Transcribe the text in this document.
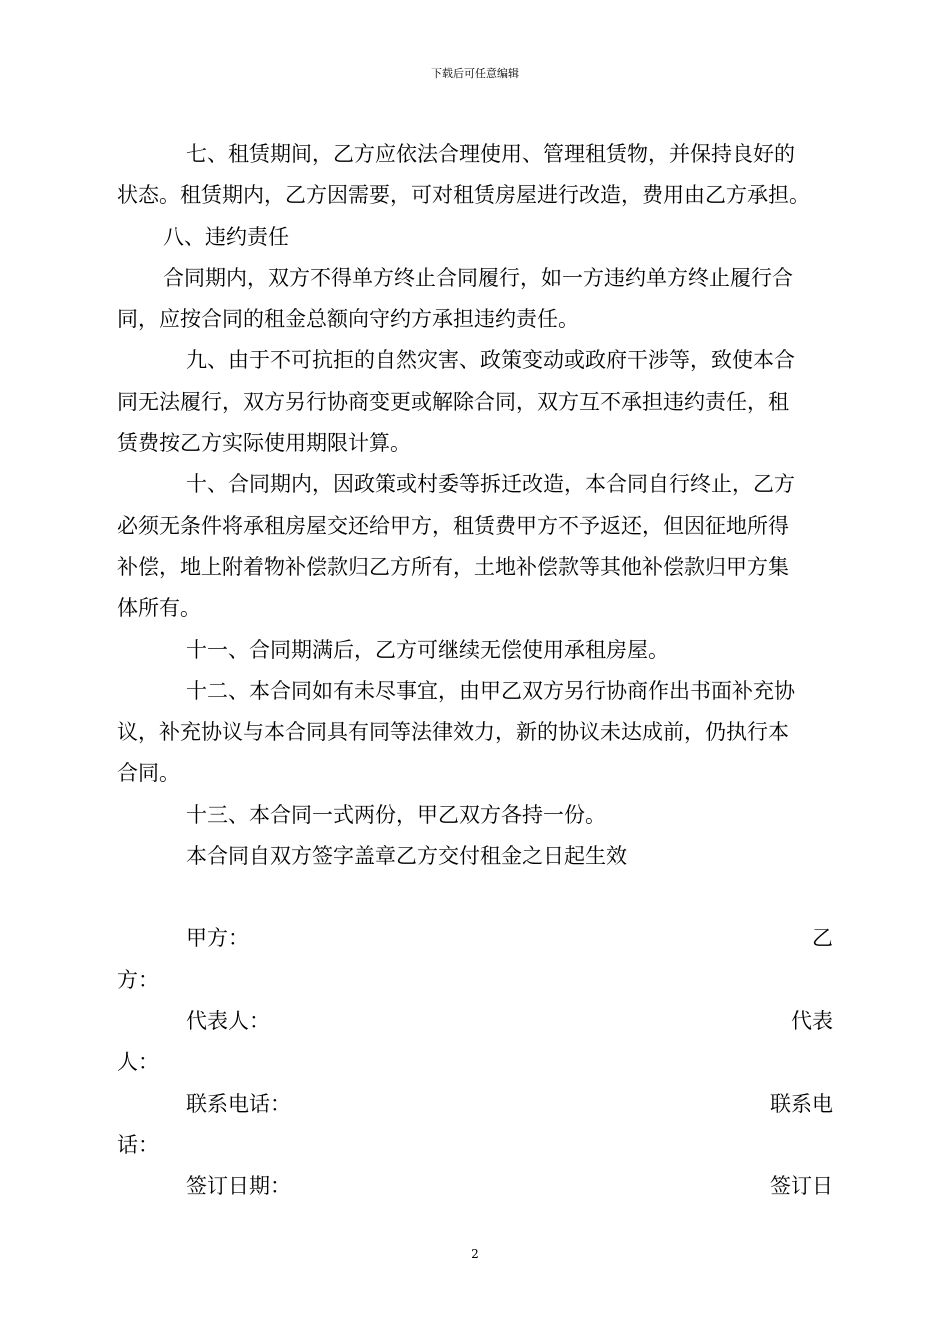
下载后可任意编辑
七、租赁期间，乙方应依法合理使用、管理租赁物，并保持良好的
状态。租赁期内，乙方因需要，可对租赁房屋进行改造，费用由乙方承担。
八、违约责任
合同期内，双方不得单方终止合同履行，如一方违约单方终止履行合
同，应按合同的租金总额向守约方承担违约责任。
九、由于不可抗拒的自然灾害、政策变动或政府干涉等，致使本合
同无法履行，双方另行协商变更或解除合同，双方互不承担违约责任，租
赁费按乙方实际使用期限计算。
十、合同期内，因政策或村委等拆迁改造，本合同自行终止，乙方
必须无条件将承租房屋交还给甲方，租赁费甲方不予返还，但因征地所得
补偿，地上附着物补偿款归乙方所有，土地补偿款等其他补偿款归甲方集
体所有。
十一、合同期满后，乙方可继续无偿使用承租房屋。
十二、本合同如有未尽事宜，由甲乙双方另行协商作出书面补充协
议，补充协议与本合同具有同等法律效力，新的协议未达成前，仍执行本
合同。
十三、本合同一式两份，甲乙双方各持一份。
本合同自双方签字盖章乙方交付租金之日起生效
甲方：	乙
方：
代表人：	代表
人：
联系电话：	联系电
话：
签订日期：	签订日
2
